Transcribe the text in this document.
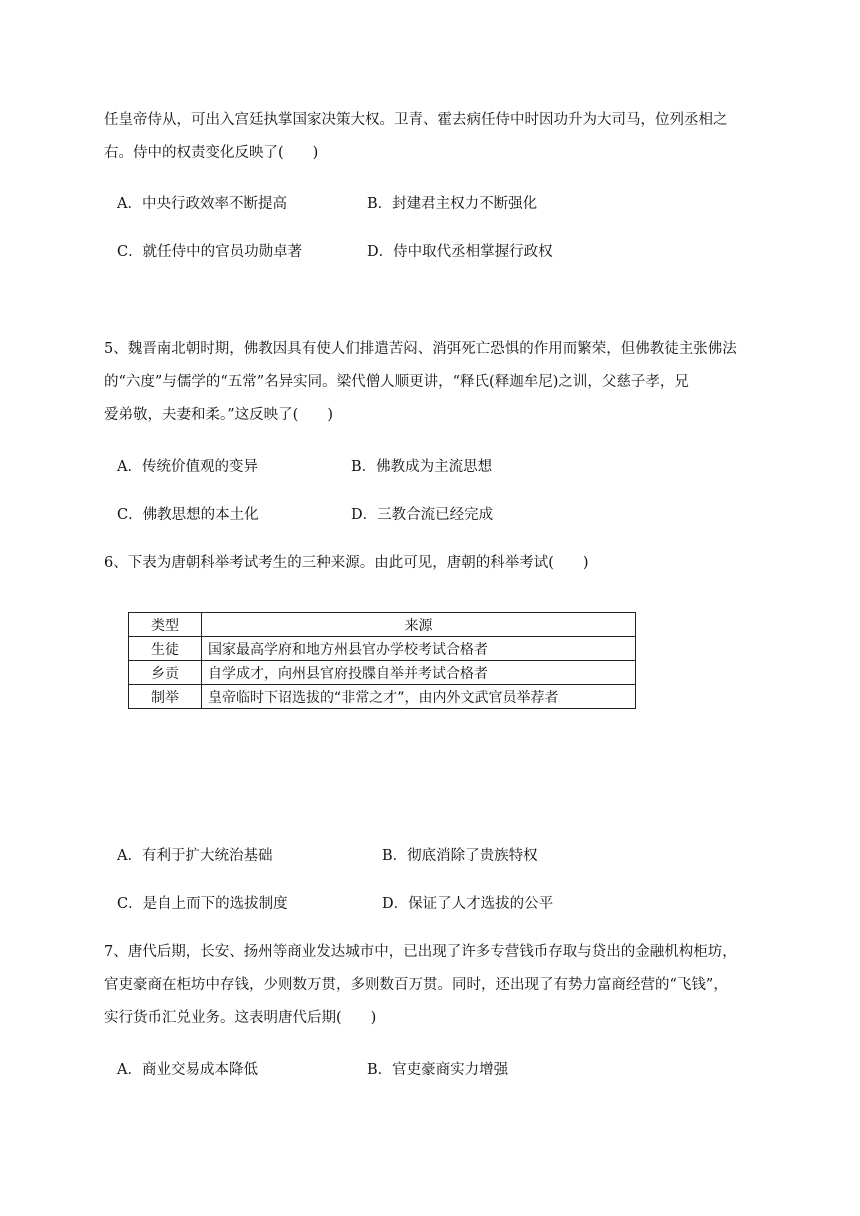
任皇帝侍从，可出入宫廷执掌国家决策大权。卫青、霍去病任侍中时因功升为大司马，位列丞相之
右。侍中的权责变化反映了(　　)
A．中央行政效率不断提高	B．封建君主权力不断强化
C．就任侍中的官员功勋卓著	D．侍中取代丞相掌握行政权
5、魏晋南北朝时期，佛教因具有使人们排遣苦闷、消弭死亡恐惧的作用而繁荣，但佛教徒主张佛法
的“六度”与儒学的“五常”名异实同。梁代僧人顺更讲，“释氏(释迦牟尼)之训，父慈子孝，兄
爱弟敬，夫妻和柔。”这反映了(　　)
A．传统价值观的变异	B．佛教成为主流思想
C．佛教思想的本土化	D．三教合流已经完成
6、下表为唐朝科举考试考生的三种来源。由此可见，唐朝的科举考试(　　)
类型	来源
生徒	国家最高学府和地方州县官办学校考试合格者
乡贡	自学成才，向州县官府投牒自举并考试合格者
制举	皇帝临时下诏选拔的“非常之才”，由内外文武官员举荐者
A．有利于扩大统治基础	B．彻底消除了贵族特权
C．是自上而下的选拔制度	D．保证了人才选拔的公平
7、唐代后期，长安、扬州等商业发达城市中，已出现了许多专营钱币存取与贷出的金融机构柜坊，
官吏豪商在柜坊中存钱，少则数万贯，多则数百万贯。同时，还出现了有势力富商经营的“飞钱”，
实行货币汇兑业务。这表明唐代后期(　　)
A．商业交易成本降低	B．官吏豪商实力增强
